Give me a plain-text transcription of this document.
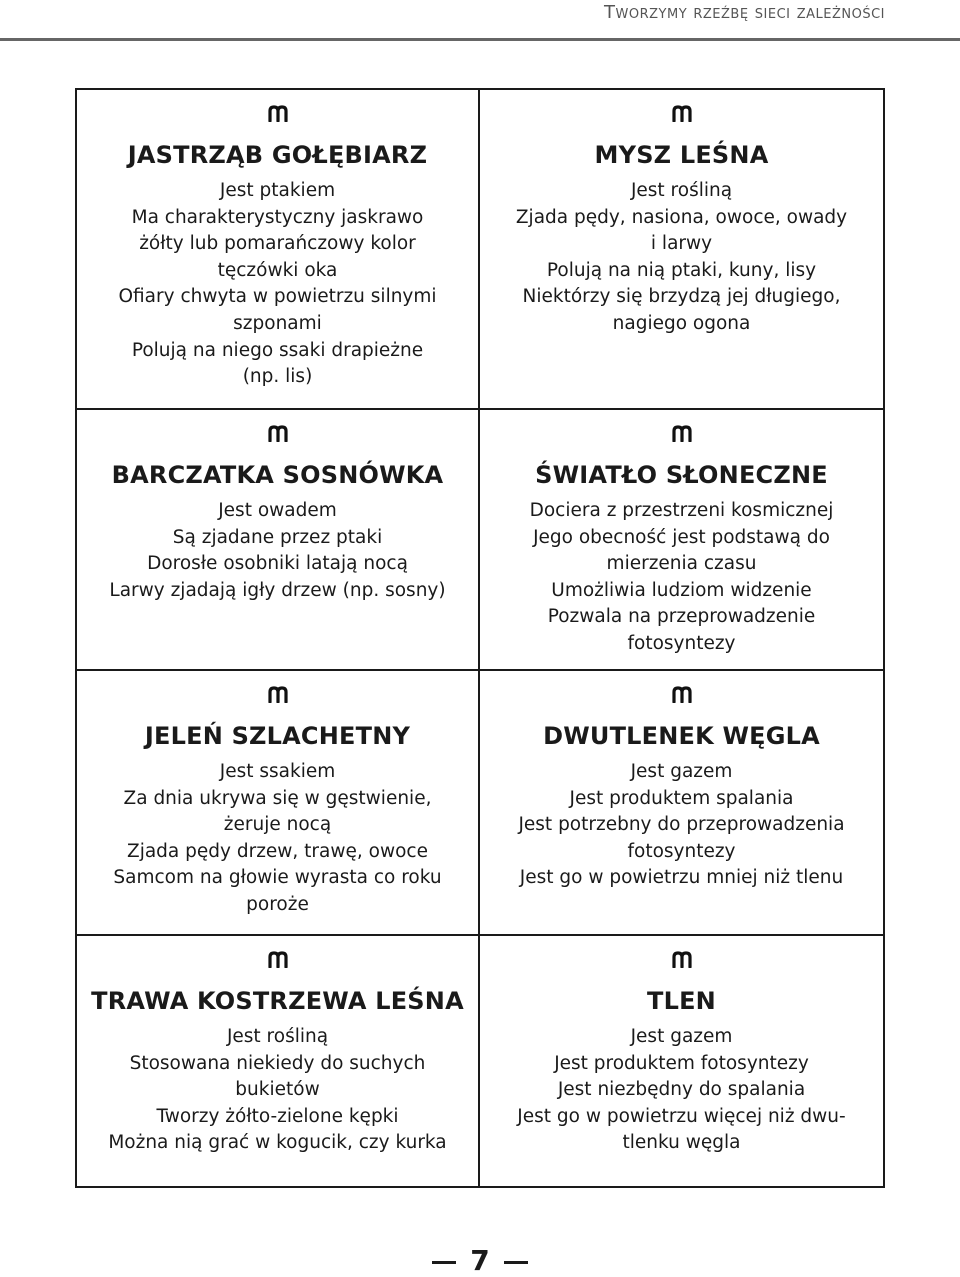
Tworzymy rzeźbę sieci zależności
JASTRZĄB GOŁĘBIARZ
Jest ptakiem
Ma charakterystyczny jaskrawo
żółty lub pomarańczowy kolor
tęczówki oka
Ofiary chwyta w powietrzu silnymi
szponami
Polują na niego ssaki drapieżne
(np. lis)
MYSZ LEŚNA
Jest rośliną
Zjada pędy, nasiona, owoce, owady
i larwy
Polują na nią ptaki, kuny, lisy
Niektórzy się brzydzą jej długiego,
nagiego ogona
BARCZATKA SOSNÓWKA
Jest owadem
Są zjadane przez ptaki
Dorosłe osobniki latają nocą
Larwy zjadają igły drzew (np. sosny)
ŚWIATŁO SŁONECZNE
Dociera z przestrzeni kosmicznej
Jego obecność jest podstawą do
mierzenia czasu
Umożliwia ludziom widzenie
Pozwala na przeprowadzenie
fotosyntezy
JELEŃ SZLACHETNY
Jest ssakiem
Za dnia ukrywa się w gęstwienie,
żeruje nocą
Zjada pędy drzew, trawę, owoce
Samcom na głowie wyrasta co roku
poroże
DWUTLENEK WĘGLA
Jest gazem
Jest produktem spalania
Jest potrzebny do przeprowadzenia
fotosyntezy
Jest go w powietrzu mniej niż tlenu
TRAWA KOSTRZEWA LEŚNA
Jest rośliną
Stosowana niekiedy do suchych
bukietów
Tworzy żółto-zielone kępki
Można nią grać w kogucik, czy kurka
TLEN
Jest gazem
Jest produktem fotosyntezy
Jest niezbędny do spalania
Jest go w powietrzu więcej niż dwu-
tlenku węgla
7
